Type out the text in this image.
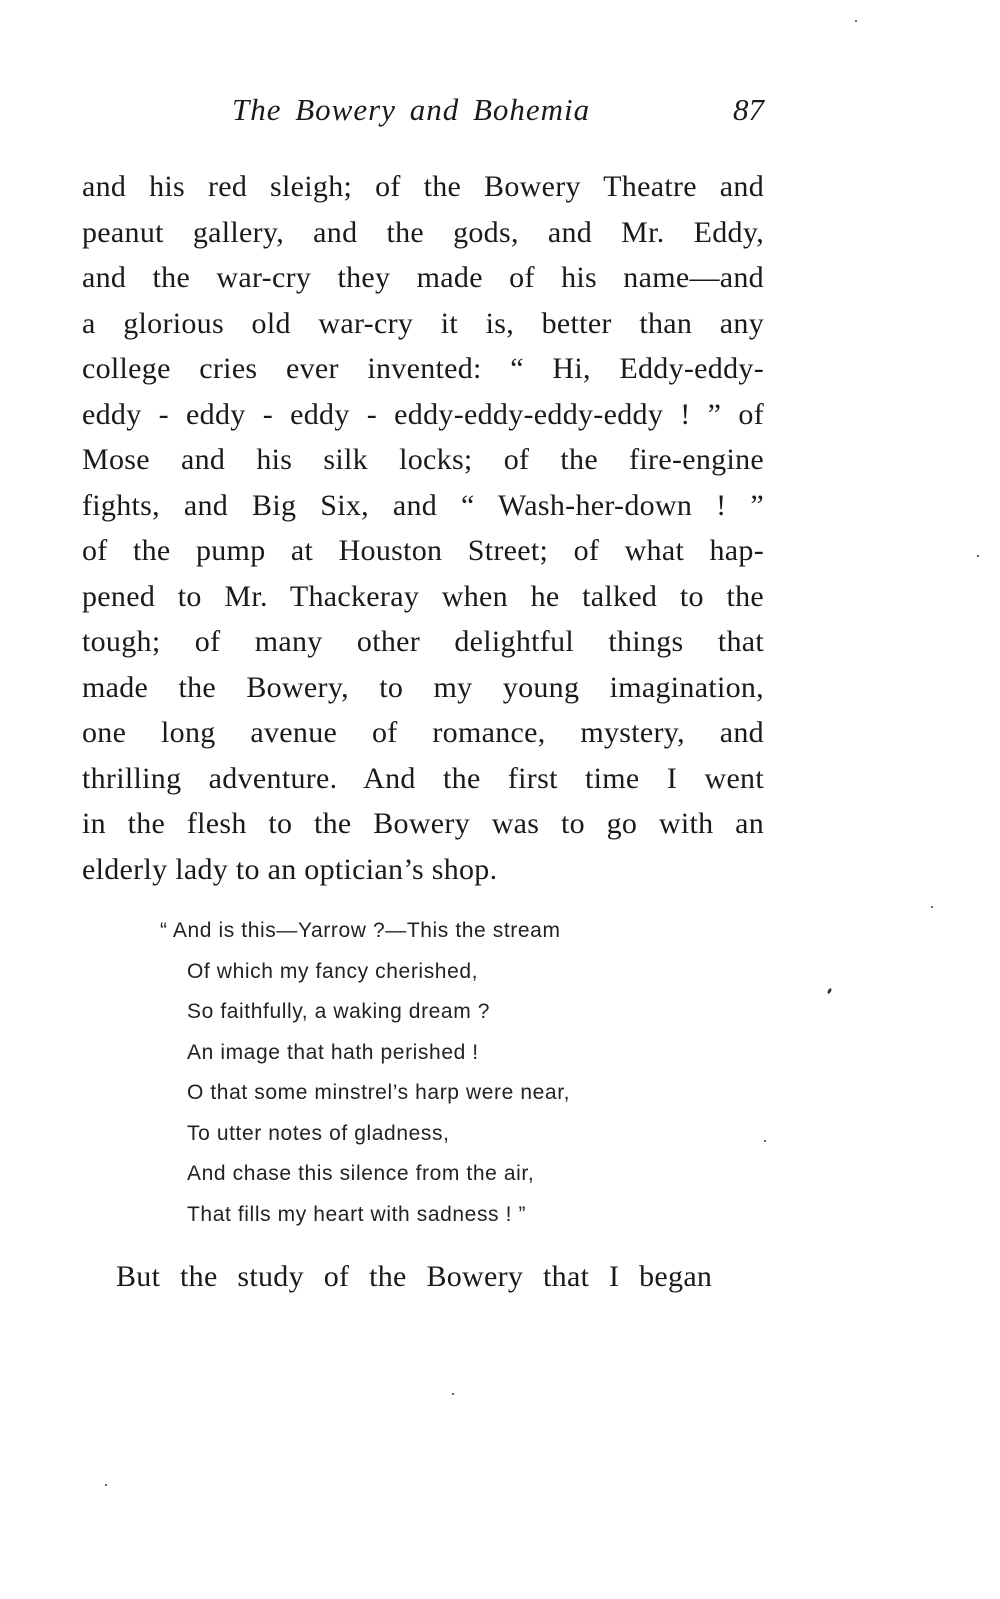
The Bowery and Bohemia	87
and his red sleigh; of the Bowery Theatre and
peanut gallery, and the gods, and Mr. Eddy,
and the war-cry they made of his name—and
a glorious old war-cry it is, better than any
college cries ever invented: “ Hi, Eddy-eddy-
eddy - eddy - eddy - eddy-eddy-eddy-eddy ! ” of
Mose and his silk locks; of the fire-engine
fights, and Big Six, and “ Wash-her-down ! ”
of the pump at Houston Street; of what hap-
pened to Mr. Thackeray when he talked to the
tough; of many other delightful things that
made the Bowery, to my young imagination,
one long avenue of romance, mystery, and
thrilling adventure. And the first time I went
in the flesh to the Bowery was to go with an
elderly lady to an optician’s shop.
“ And is this—Yarrow ?—This the stream
Of which my fancy cherished,
So faithfully, a waking dream ?
An image that hath perished !
O that some minstrel’s harp were near,
To utter notes of gladness,
And chase this silence from the air,
That fills my heart with sadness ! ”
But the study of the Bowery that I began
